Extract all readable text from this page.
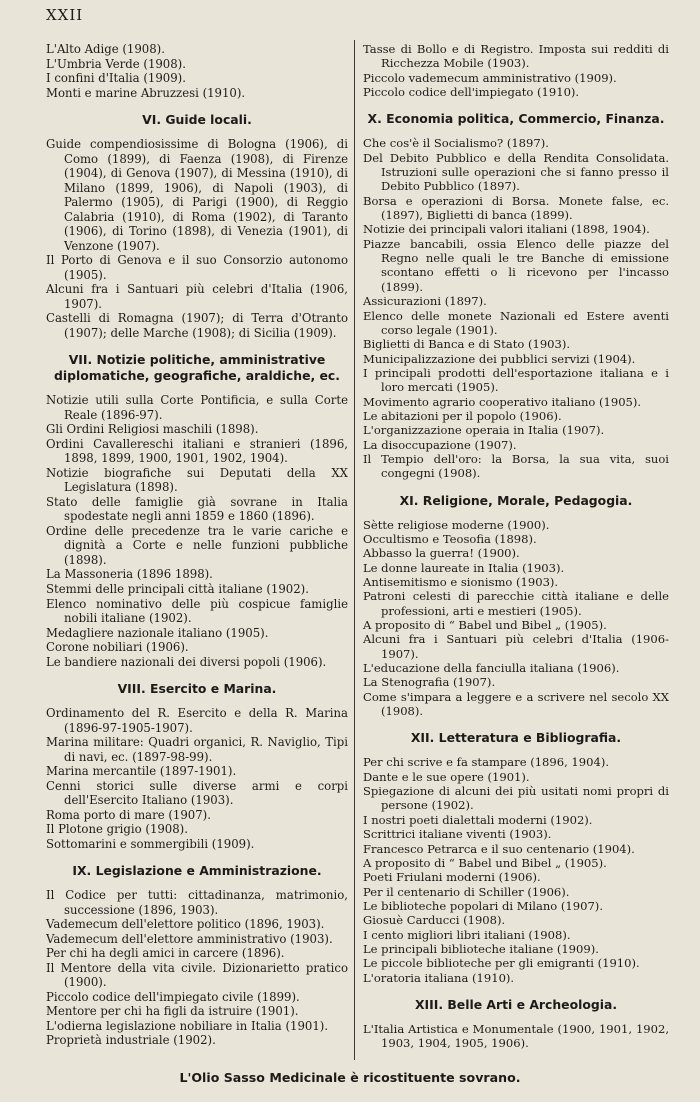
XXII
L'Alto Adige (1908).
L'Umbria Verde (1908).
I confini d'Italia (1909).
Monti e marine Abruzzesi (1910).
VI. Guide locali.
Guide compendiosissime di Bologna (1906), di Como (1899), di Faenza (1908), di Firenze (1904), di Genova (1907), di Messina (1910), di Milano (1899, 1906), di Napoli (1903), di Palermo (1905), di Parigi (1900), di Reggio Calabria (1910), di Roma (1902), di Taranto (1906), di Torino (1898), di Venezia (1901), di Venzone (1907).
Il Porto di Genova e il suo Consorzio autonomo (1905).
Alcuni fra i Santuari più celebri d'Italia (1906, 1907).
Castelli di Romagna (1907); di Terra d'Otranto (1907); delle Marche (1908); di Sicilia (1909).
VII. Notizie politiche, amministrative diplomatiche, geografiche, araldiche, ec.
Notizie utili sulla Corte Pontificia, e sulla Corte Reale (1896-97).
Gli Ordini Religiosi maschili (1898).
Ordini Cavallereschi italiani e stranieri (1896, 1898, 1899, 1900, 1901, 1902, 1904).
Notizie biografiche sui Deputati della XX Legislatura (1898).
Stato delle famiglie già sovrane in Italia spodestate negli anni 1859 e 1860 (1896).
Ordine delle precedenze tra le varie cariche e dignità a Corte e nelle funzioni pubbliche (1898).
La Massoneria (1896 1898).
Stemmi delle principali città italiane (1902).
Elenco nominativo delle più cospicue famiglie nobili italiane (1902).
Medagliere nazionale italiano (1905).
Corone nobiliari (1906).
Le bandiere nazionali dei diversi popoli (1906).
VIII. Esercito e Marina.
Ordinamento del R. Esercito e della R. Marina (1896-97-1905-1907).
Marina militare: Quadri organici, R. Naviglio, Tipi di navi, ec. (1897-98-99).
Marina mercantile (1897-1901).
Cenni storici sulle diverse armi e corpi dell'Esercito Italiano (1903).
Roma porto di mare (1907).
Il Plotone grigio (1908).
Sottomarini e sommergibili (1909).
IX. Legislazione e Amministrazione.
Il Codice per tutti: cittadinanza, matrimonio, successione (1896, 1903).
Vademecum dell'elettore politico (1896, 1903).
Vademecum dell'elettore amministrativo (1903).
Per chi ha degli amici in carcere (1896).
Il Mentore della vita civile. Dizionarietto pratico (1900).
Piccolo codice dell'impiegato civile (1899).
Mentore per chi ha figli da istruire (1901).
L'odierna legislazione nobiliare in Italia (1901).
Proprietà industriale (1902).
Tasse di Bollo e di Registro. Imposta sui redditi di Ricchezza Mobile (1903).
Piccolo vademecum amministrativo (1909).
Piccolo codice dell'impiegato (1910).
X. Economia politica, Commercio, Finanza.
Che cos'è il Socialismo? (1897).
Del Debito Pubblico e della Rendita Consolidata. Istruzioni sulle operazioni che si fanno presso il Debito Pubblico (1897).
Borsa e operazioni di Borsa. Monete false, ec. (1897), Biglietti di banca (1899).
Notizie dei principali valori italiani (1898, 1904).
Piazze bancabili, ossia Elenco delle piazze del Regno nelle quali le tre Banche di emissione scontano effetti o li ricevono per l'incasso (1899).
Assicurazioni (1897).
Elenco delle monete Nazionali ed Estere aventi corso legale (1901).
Biglietti di Banca e di Stato (1903).
Municipalizzazione dei pubblici servizi (1904).
I principali prodotti dell'esportazione italiana e i loro mercati (1905).
Movimento agrario cooperativo italiano (1905).
Le abitazioni per il popolo (1906).
L'organizzazione operaia in Italia (1907).
La disoccupazione (1907).
Il Tempio dell'oro: la Borsa, la sua vita, suoi congegni (1908).
XI. Religione, Morale, Pedagogia.
Sètte religiose moderne (1900).
Occultismo e Teosofia (1898).
Abbasso la guerra! (1900).
Le donne laureate in Italia (1903).
Antisemitismo e sionismo (1903).
Patroni celesti di parecchie città italiane e delle professioni, arti e mestieri (1905).
A proposito di “ Babel und Bibel „ (1905).
Alcuni fra i Santuari più celebri d'Italia (1906-1907).
L'educazione della fanciulla italiana (1906).
La Stenografia (1907).
Come s'impara a leggere e a scrivere nel secolo XX (1908).
XII. Letteratura e Bibliografia.
Per chi scrive e fa stampare (1896, 1904).
Dante e le sue opere (1901).
Spiegazione di alcuni dei più usitati nomi propri di persone (1902).
I nostri poeti dialettali moderni (1902).
Scrittrici italiane viventi (1903).
Francesco Petrarca e il suo centenario (1904).
A proposito di “ Babel und Bibel „ (1905).
Poeti Friulani moderni (1906).
Per il centenario di Schiller (1906).
Le biblioteche popolari di Milano (1907).
Giosuè Carducci (1908).
I cento migliori libri italiani (1908).
Le principali biblioteche italiane (1909).
Le piccole biblioteche per gli emigranti (1910).
L'oratoria italiana (1910).
XIII. Belle Arti e Archeologia.
L'Italia Artistica e Monumentale (1900, 1901, 1902, 1903, 1904, 1905, 1906).
L'Olio Sasso Medicinale è ricostituente sovrano.
